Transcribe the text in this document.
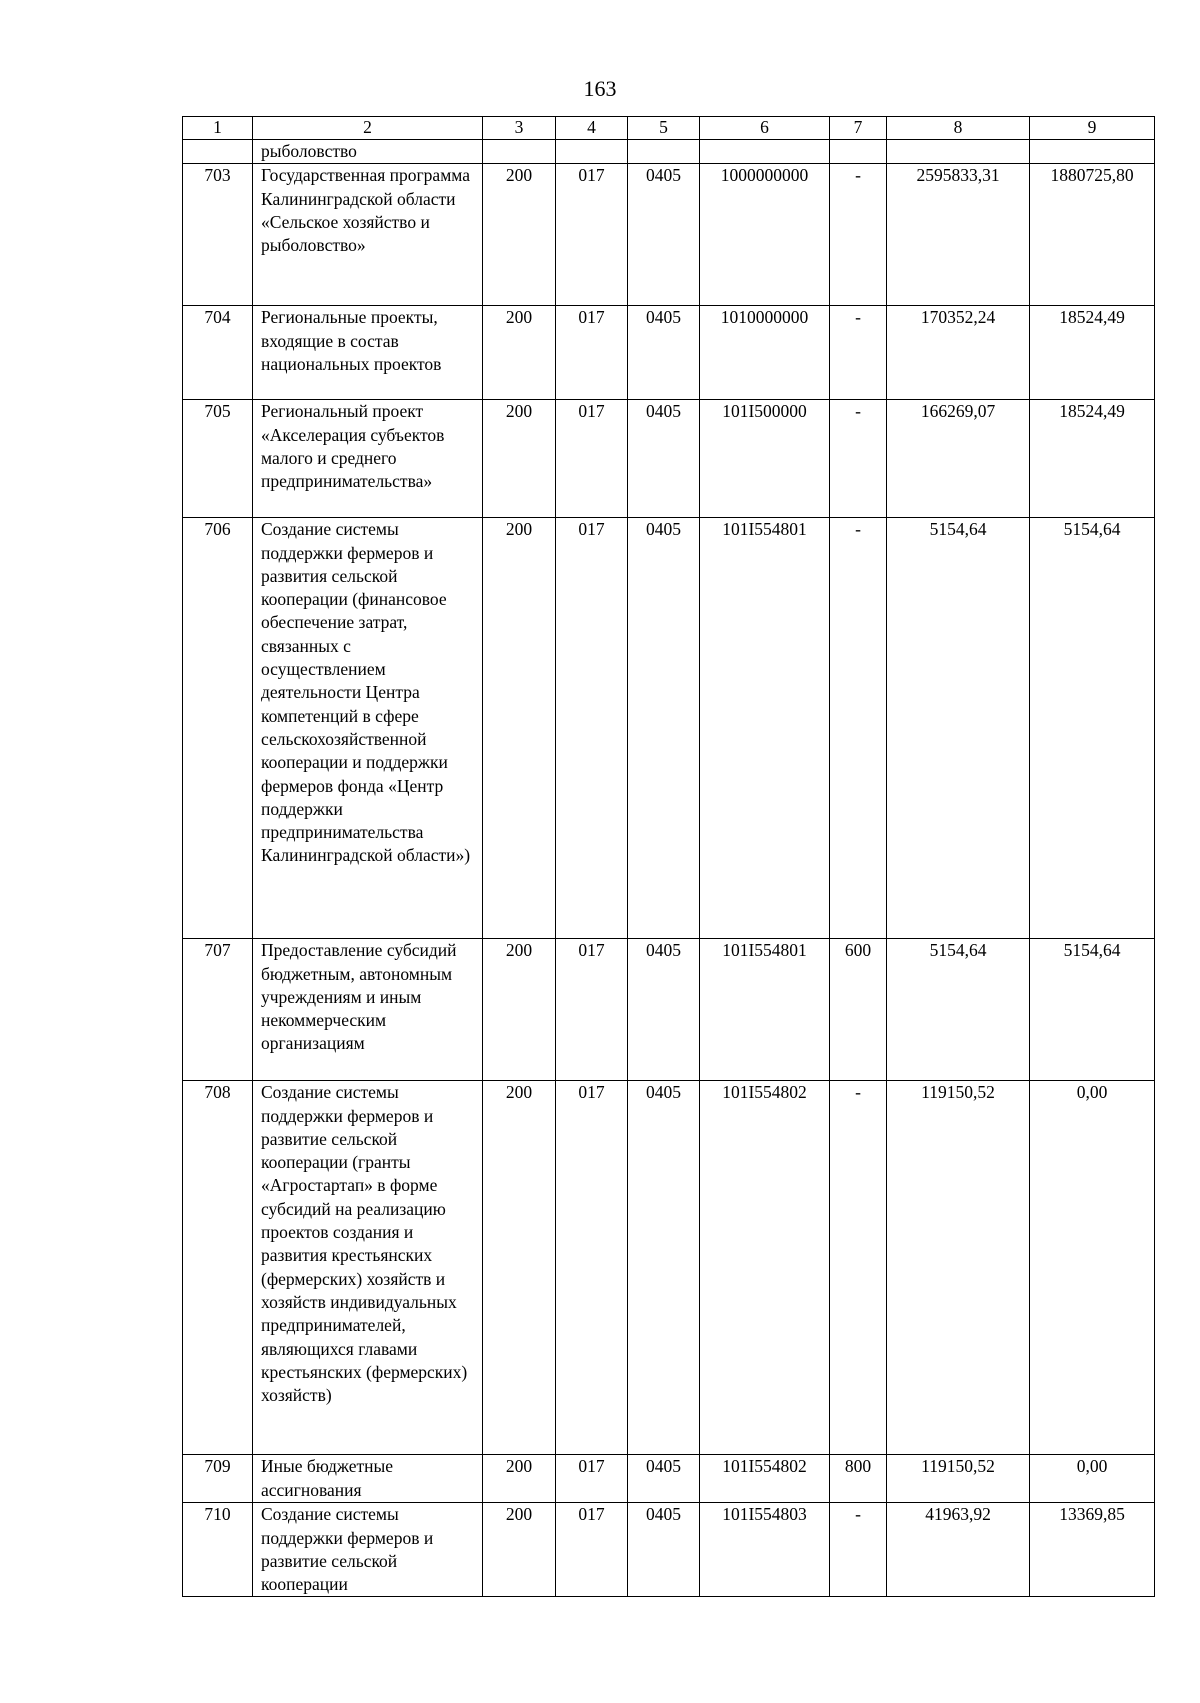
163
1	2	3	4	5	6	7	8	9
	рыболовство							
703	Государственная программа Калининградской области «Сельское хозяйство и рыболовство»	200	017	0405	1000000000	-	2595833,31	1880725,80
704	Региональные проекты, входящие в состав национальных проектов	200	017	0405	1010000000	-	170352,24	18524,49
705	Региональный проект «Акселерация субъектов малого и среднего предпринимательства»	200	017	0405	101I500000	-	166269,07	18524,49
706	Создание системы поддержки фермеров и развития сельской кооперации (финансовое обеспечение затрат, связанных с осуществлением деятельности Центра компетенций в сфере сельскохозяйственной кооперации и поддержки фермеров фонда «Центр поддержки предпринимательства Калининградской области»)	200	017	0405	101I554801	-	5154,64	5154,64
707	Предоставление субсидий бюджетным, автономным учреждениям и иным некоммерческим организациям	200	017	0405	101I554801	600	5154,64	5154,64
708	Создание системы поддержки фермеров и развитие сельской кооперации (гранты «Агростартап» в форме субсидий на реализацию проектов создания и развития крестьянских (фермерских) хозяйств и хозяйств индивидуальных предпринимателей, являющихся главами крестьянских (фермерских) хозяйств)	200	017	0405	101I554802	-	119150,52	0,00
709	Иные бюджетные ассигнования	200	017	0405	101I554802	800	119150,52	0,00
710	Создание системы поддержки фермеров и развитие сельской кооперации	200	017	0405	101I554803	-	41963,92	13369,85
